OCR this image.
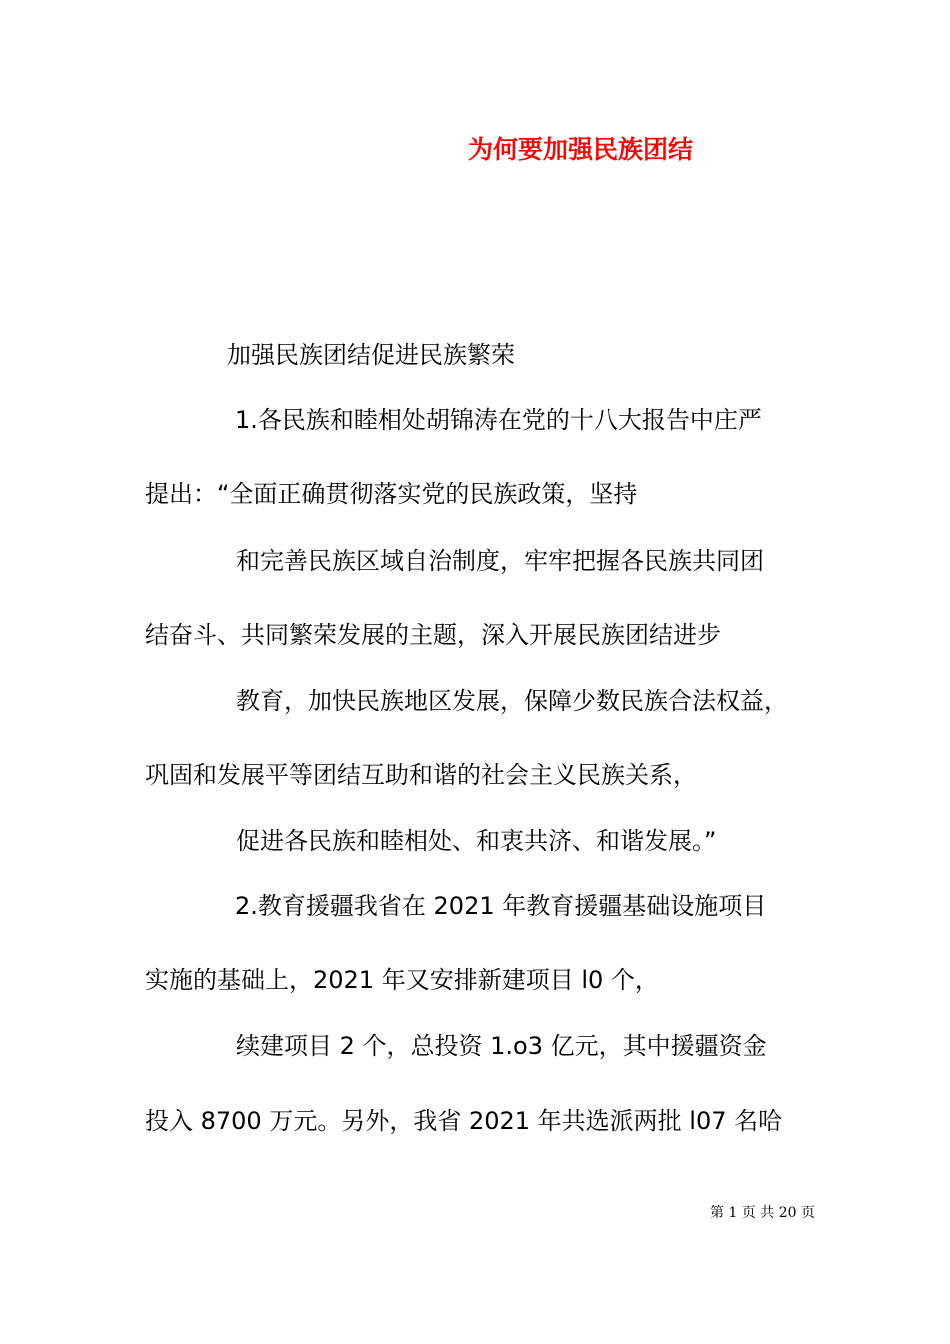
为何要加强民族团结
加强民族团结促进民族繁荣
1.各民族和睦相处胡锦涛在党的十八大报告中庄严
提出：“全面正确贯彻落实党的民族政策，坚持
和完善民族区域自治制度，牢牢把握各民族共同团
结奋斗、共同繁荣发展的主题，深入开展民族团结进步
教育，加快民族地区发展，保障少数民族合法权益，
巩固和发展平等团结互助和谐的社会主义民族关系，
促进各民族和睦相处、和衷共济、和谐发展。”
2.教育援疆我省在 2021 年教育援疆基础设施项目
实施的基础上，2021 年又安排新建项目 l0 个，
续建项目 2 个，总投资 1.o3 亿元，其中援疆资金
投入 8700 万元。另外，我省 2021 年共选派两批 l07 名哈
第 1 页 共 20 页
